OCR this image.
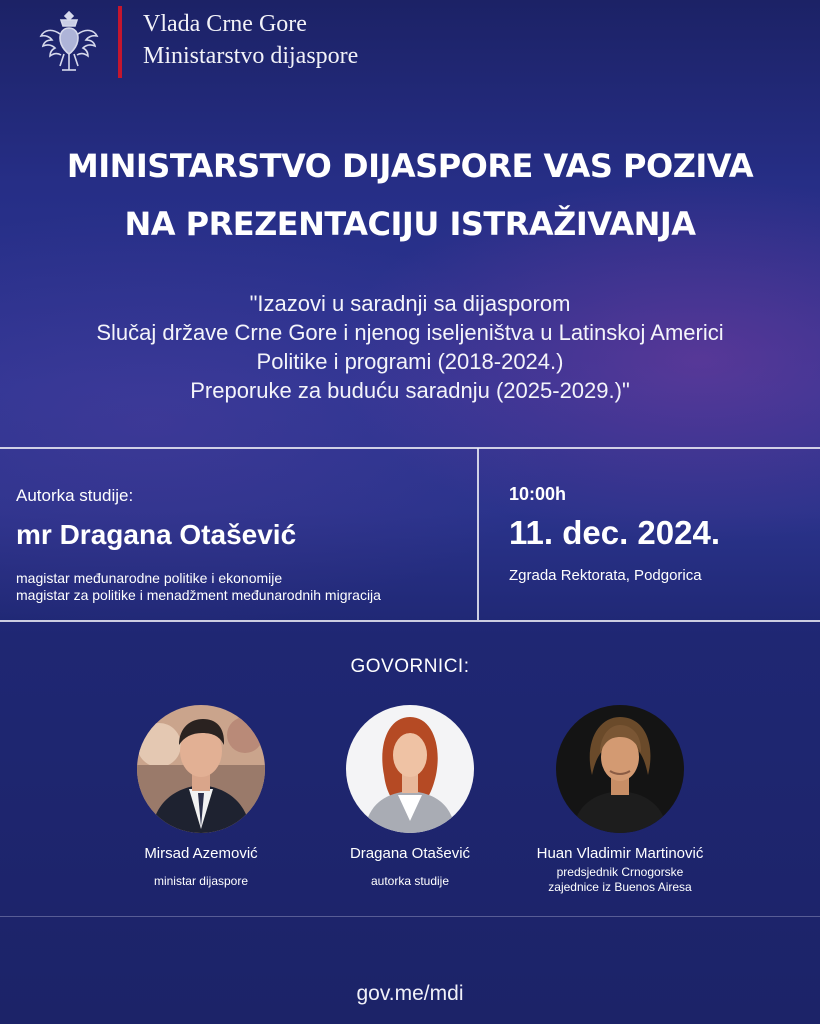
Vlada Crne Gore
Ministarstvo dijaspore
MINISTARSTVO DIJASPORE VAS POZIVA
NA PREZENTACIJU ISTRAŽIVANJA
"Izazovi u saradnji sa dijasporom
Slučaj države Crne Gore i njenog iseljeništva u Latinskoj Americi
Politike i programi (2018-2024.)
Preporuke za buduću saradnju (2025-2029.)"
Autorka studije:
mr Dragana Otašević
magistar međunarodne politike i ekonomije
magistar za politike i menadžment međunarodnih migracija
10:00h
11. dec. 2024.
Zgrada Rektorata, Podgorica
GOVORNICI:
Mirsad Azemović
ministar dijaspore
Dragana Otašević
autorka studije
Huan Vladimir Martinović
predsjednik Crnogorske
zajednice iz Buenos Airesa
gov.me/mdi
